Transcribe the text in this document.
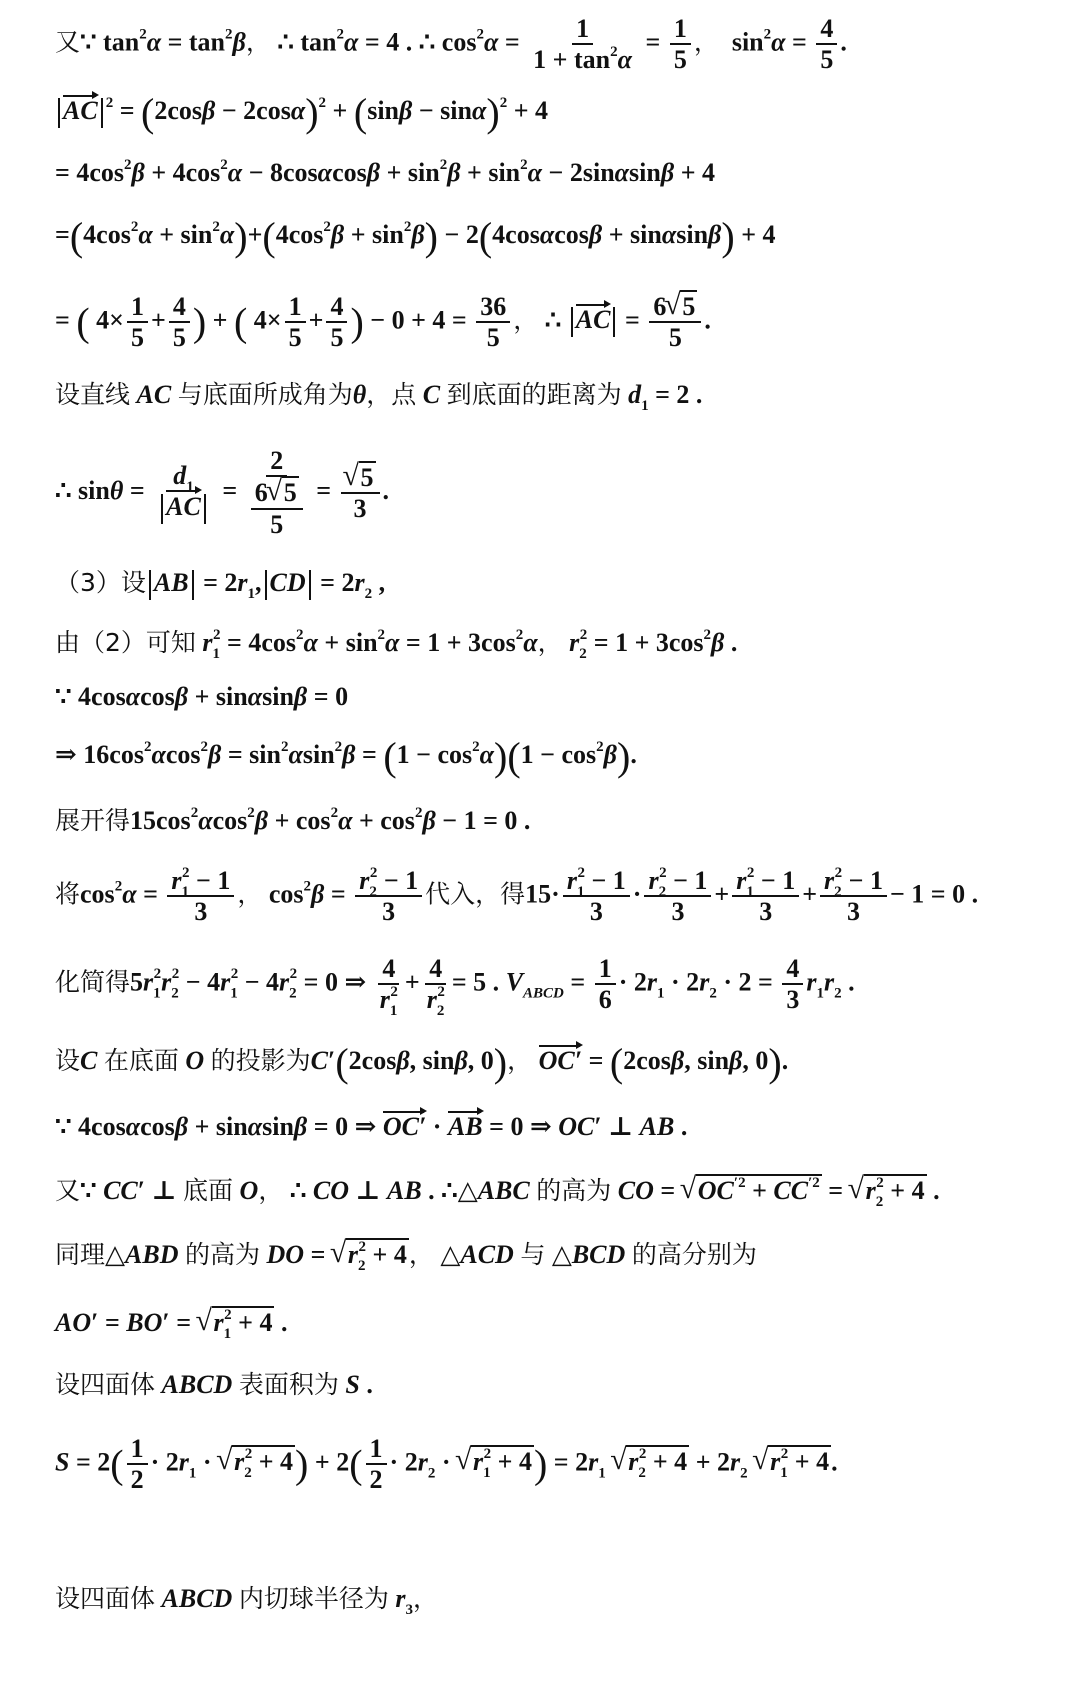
又∵ $\tan^2\alpha = \tan^2\beta$， ∴ $\tan^2\alpha = 4$ . ∴ $\cos^2\alpha = \frac{1}{1 + \tan^2\alpha} = \frac{1}{5}$ ，  $\sin^2\alpha = \frac{4}{5}$ .
AC $^2 = (2\cos\beta - 2\cos\alpha)^2 + (\sin\beta - \sin\alpha)^2 + 4$
= $4\cos^2\beta + 4\cos^2\alpha - 8\cos\alpha\cos\beta + \sin^2\beta + \sin^2\alpha - 2\sin\alpha\sin\beta + 4$
$=(4\cos^2\alpha + \sin^2\alpha)+(4\cos^2\beta + \sin^2\beta) - 2(4\cos\alpha\cos\beta + \sin\alpha\sin\beta) + 4$
= ( $4\times \frac{1}{5} + \frac{4}{5}$ ) + ( $4\times \frac{1}{5} + \frac{4}{5}$ ) − $0 + 4 = \frac{36}{5}$ ， ∴ AC = $\frac{6 √ 5}{5}$ .
设直线 AC 与底面所成角为θ，点 C 到底面的距离为 $d_1 = 2$ .
∴ $\sin\theta = \frac{d_1}{AC} = \frac{2}{\frac{6 √ 5}{5}}$ = √ $\frac{5}{3}$ .
（3）设 AB = $2r_1$, CD = $2r_2$ ,
由（2）可知 $r_1^2 = 4\cos^2\alpha + \sin^2\alpha = 1 + 3\cos^2\alpha$， $r_2^2 = 1 + 3\cos^2\beta$ .
∵ 4cosαcosβ + sinαsinβ = 0
⇒ $16\cos^2\alpha\cos^2\beta = \sin^2\alpha\sin^2\beta = (1 - \cos^2\alpha)(1 - \cos^2\beta)$.
展开得$15\cos^2\alpha\cos^2\beta + \cos^2\alpha + \cos^2\beta - 1 = 0$ .
将$\cos^2\alpha = \frac{r_1^2 - 1}{3}$ ， $\cos^2\beta = \frac{r_2^2 - 1}{3}$ 代入，得$15\cdot \frac{r_1^2 - 1}{3} \cdot \frac{r_2^2 - 1}{3} + \frac{r_1^2 - 1}{3} + \frac{r_2^2 - 1}{3} - 1 = 0$ .
化简得$5r_1^2r_2^2 - 4r_1^2 - 4r_2^2 = 0$ ⇒ $\frac{4}{r_1^2} + \frac{4}{r_2^2} = 5$ . $V_{ABCD} = \frac{1}{6} \cdot 2r_1 \cdot 2r_2 \cdot 2 = \frac{4}{3} r_1r_2$ .
设C 在底面 O 的投影为C′(2cosβ, sinβ, 0)， OC′ = (2cosβ, sinβ, 0).
∵ 4cosαcosβ + sinαsinβ = 0 ⇒ OC′ · AB = 0 ⇒ OC′ ⊥ AB .
又∵ CC′ ⊥ 底面 O， ∴ CO ⊥ AB . ∴△ABC 的高为 CO = √ $OC^{'2} + CC^{'2}$ = √ $r_2^2 + 4$ .
同理△ABD 的高为 DO = √ $r_2^2 + 4$， △ACD 与 △BCD 的高分别为
AO′ = BO′ = √ $r_1^2 + 4$ .
设四面体 ABCD 表面积为 S .
$S = 2( \frac{1}{2} \cdot 2r_1$ · √ $r_2^2 + 4) + 2( \frac{1}{2} \cdot 2r_2$ · √ $r_1^2 + 4) = 2r_1$ √ $r_2^2 + 4 + 2r_2$ √ $r_1^2 + 4$.
设四面体 ABCD 内切球半径为 $r_3$，
